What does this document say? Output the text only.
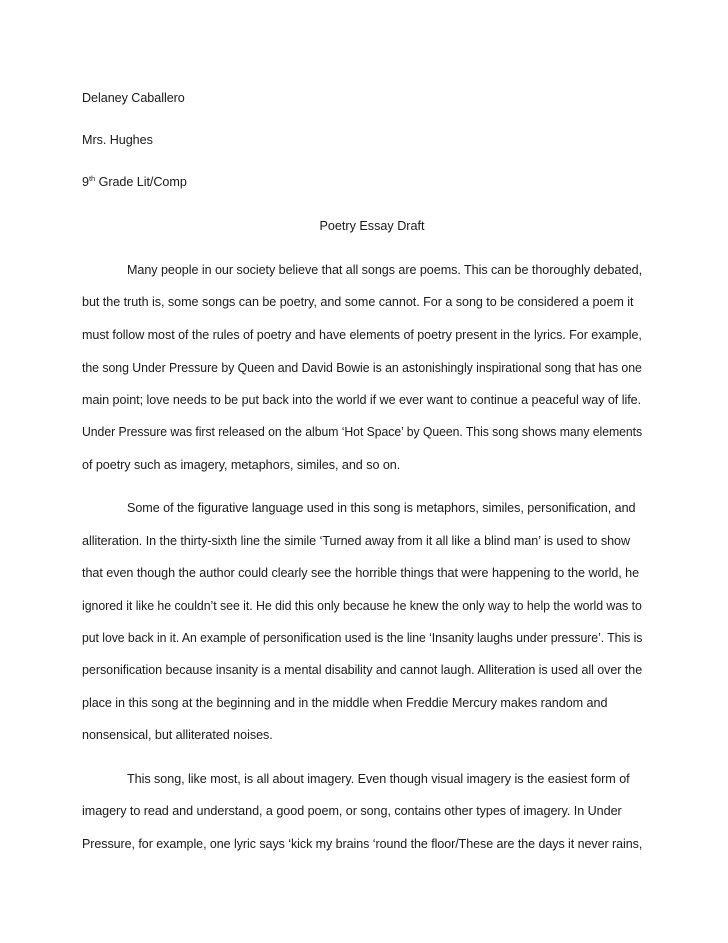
Delaney Caballero
Mrs. Hughes
9th Grade Lit/Comp
Poetry Essay Draft
Many people in our society believe that all songs are poems. This can be thoroughly debated,
but the truth is, some songs can be poetry, and some cannot. For a song to be considered a poem it
must follow most of the rules of poetry and have elements of poetry present in the lyrics. For example,
the song Under Pressure by Queen and David Bowie is an astonishingly inspirational song that has one
main point; love needs to be put back into the world if we ever want to continue a peaceful way of life.
Under Pressure was first released on the album ‘Hot Space’ by Queen. This song shows many elements
of poetry such as imagery, metaphors, similes, and so on.
Some of the figurative language used in this song is metaphors, similes, personification, and
alliteration. In the thirty-sixth line the simile ‘Turned away from it all like a blind man’ is used to show
that even though the author could clearly see the horrible things that were happening to the world, he
ignored it like he couldn’t see it. He did this only because he knew the only way to help the world was to
put love back in it. An example of personification used is the line ‘Insanity laughs under pressure’. This is
personification because insanity is a mental disability and cannot laugh. Alliteration is used all over the
place in this song at the beginning and in the middle when Freddie Mercury makes random and
nonsensical, but alliterated noises.
This song, like most, is all about imagery. Even though visual imagery is the easiest form of
imagery to read and understand, a good poem, or song, contains other types of imagery. In Under
Pressure, for example, one lyric says ‘kick my brains ‘round the floor/These are the days it never rains,
